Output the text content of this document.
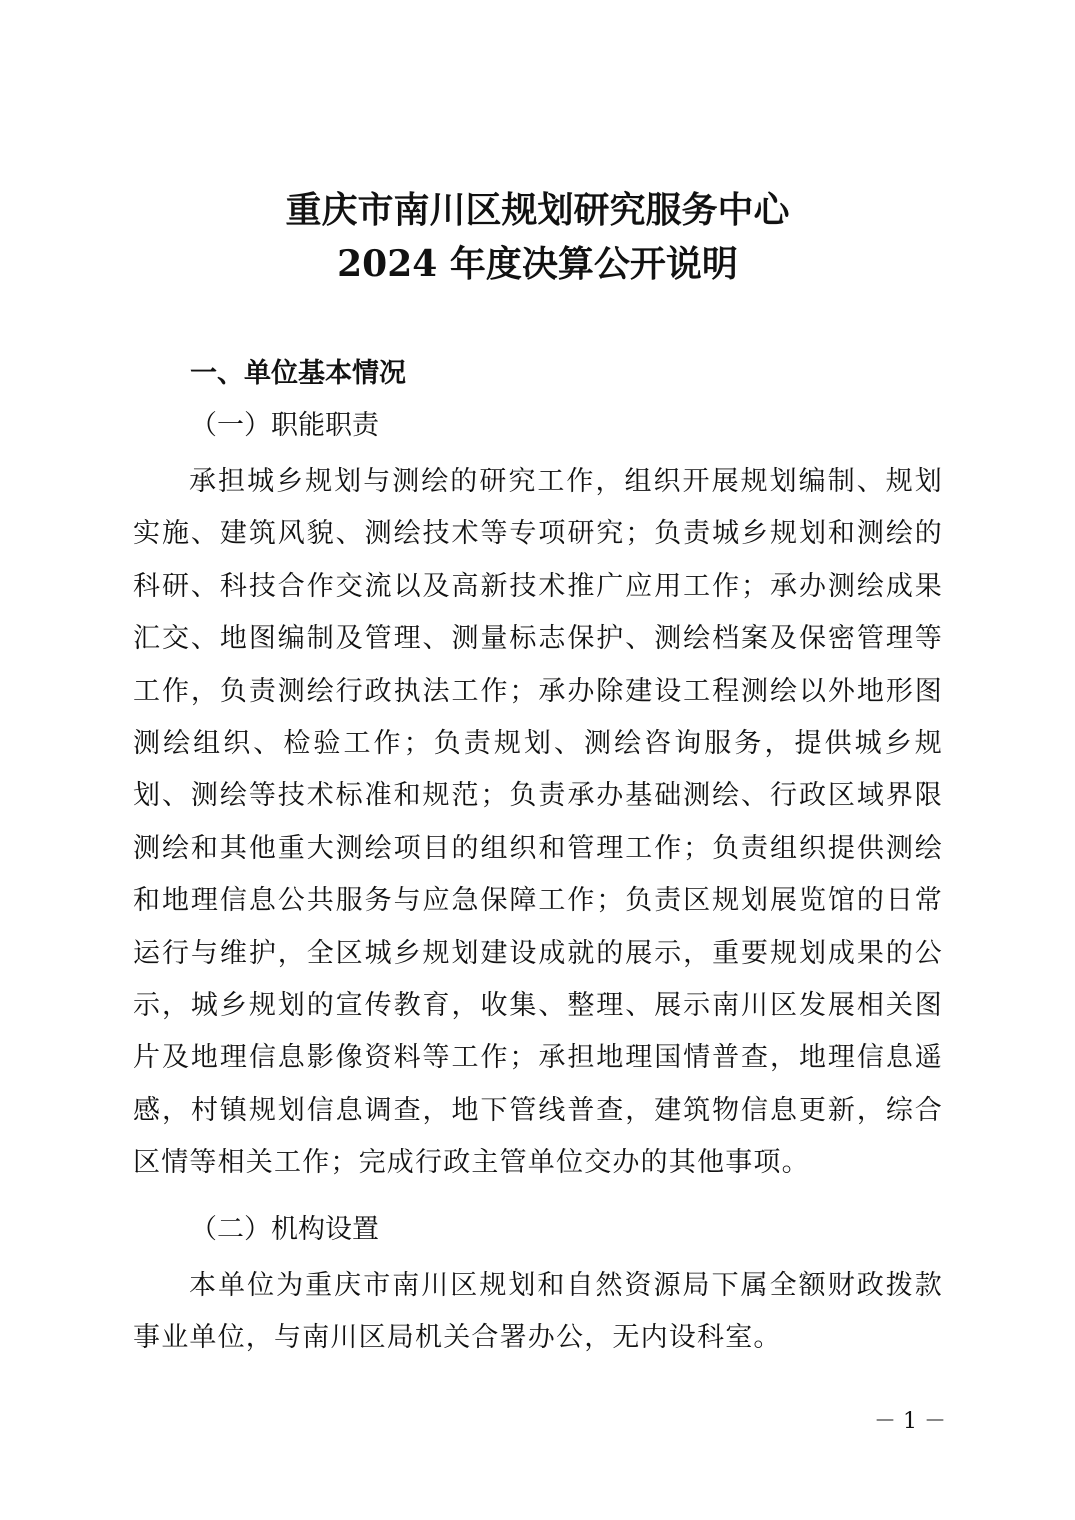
重庆市南川区规划研究服务中心
2024 年度决算公开说明
一、单位基本情况
（一）职能职责

承担城乡规划与测绘的研究工作，组织开展规划编制、规划实施、建筑风貌、测绘技术等专项研究；负责城乡规划和测绘的科研、科技合作交流以及高新技术推广应用工作；承办测绘成果汇交、地图编制及管理、测量标志保护、测绘档案及保密管理等工作，负责测绘行政执法工作；承办除建设工程测绘以外地形图测绘组织、检验工作；负责规划、测绘咨询服务，提供城乡规划、测绘等技术标准和规范；负责承办基础测绘、行政区域界限测绘和其他重大测绘项目的组织和管理工作；负责组织提供测绘和地理信息公共服务与应急保障工作；负责区规划展览馆的日常运行与维护，全区城乡规划建设成就的展示，重要规划成果的公示，城乡规划的宣传教育，收集、整理、展示南川区发展相关图片及地理信息影像资料等工作；承担地理国情普查，地理信息遥感，村镇规划信息调查，地下管线普查，建筑物信息更新，综合区情等相关工作；完成行政主管单位交办的其他事项。

（二）机构设置

本单位为重庆市南川区规划和自然资源局下属全额财政拨款事业单位，与南川区局机关合署办公，无内设科室。

－ 1 －
